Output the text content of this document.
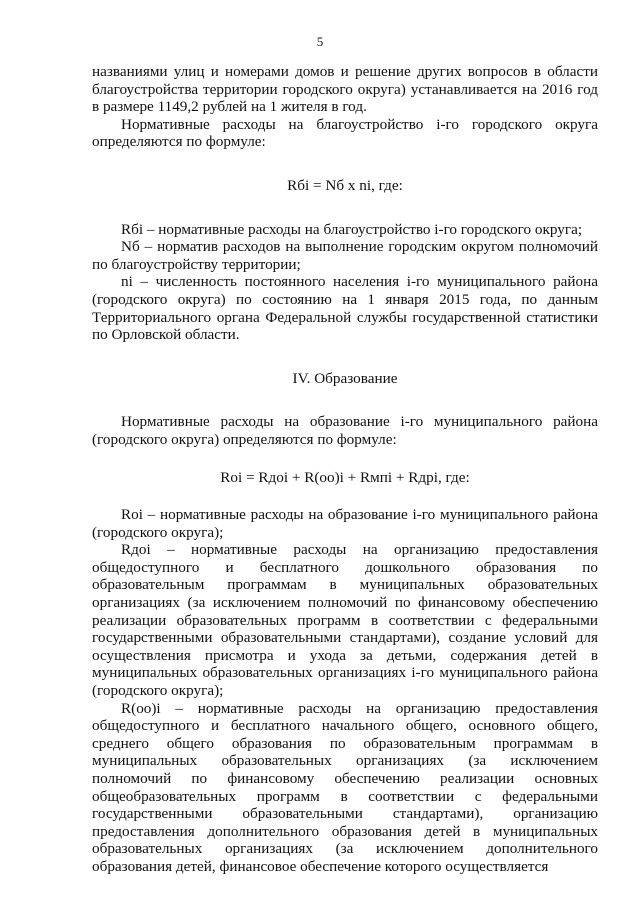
5

названиями улиц и номерами домов и решение других вопросов в области благоустройства территории городского округа) устанавливается на 2016 год в размере 1149,2 рублей на 1 жителя в год.

Нормативные расходы на благоустройство i-го городского округа определяются по формуле:

Rбi = Nб x ni, где:

Rбi – нормативные расходы на благоустройство i-го городского округа;

Nб – норматив расходов на выполнение городским округом полномочий по благоустройству территории;

ni – численность постоянного населения i-го муниципального района (городского округа) по состоянию на 1 января 2015 года, по данным Территориального органа Федеральной службы государственной статистики по Орловской области.

IV. Образование

Нормативные расходы на образование i-го муниципального района (городского округа) определяются по формуле:

Roi = Rдoi + R(oo)i + Rмпi + Rдрi, где:

Roi – нормативные расходы на образование i-го муниципального района (городского округа);

Rдoi – нормативные расходы на организацию предоставления общедоступного и бесплатного дошкольного образования по образовательным программам в муниципальных образовательных организациях (за исключением полномочий по финансовому обеспечению реализации образовательных программ в соответствии с федеральными государственными образовательными стандартами), создание условий для осуществления присмотра и ухода за детьми, содержания детей в муниципальных образовательных организациях i-го муниципального района (городского округа);

R(oo)i – нормативные расходы на организацию предоставления общедоступного и бесплатного начального общего, основного общего, среднего общего образования по образовательным программам в муниципальных образовательных организациях (за исключением полномочий по финансовому обеспечению реализации основных общеобразовательных программ в соответствии с федеральными государственными образовательными стандартами), организацию предоставления дополнительного образования детей в муниципальных образовательных организациях (за исключением дополнительного образования детей, финансовое обеспечение которого осуществляется
